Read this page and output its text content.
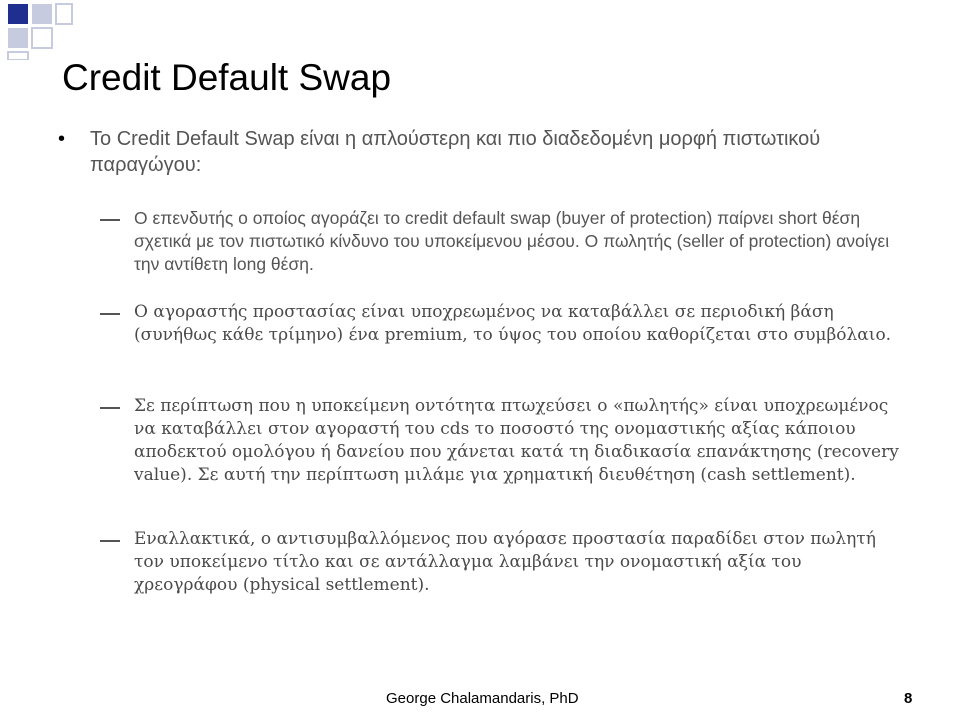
Credit Default Swap
• Το Credit Default Swap είναι η απλούστερη και πιο διαδεδομένη μορφή πιστωτικού παραγώγου:
Ο επενδυτής ο οποίος αγοράζει το credit default swap (buyer of protection) παίρνει short θέση σχετικά με τον πιστωτικό κίνδυνο του υποκείμενου μέσου. Ο πωλητής (seller of protection) ανοίγει την αντίθετη long θέση.
Ο αγοραστής προστασίας είναι υποχρεωμένος να καταβάλλει σε περιοδική βάση (συνήθως κάθε τρίμηνο) ένα premium, το ύψος του οποίου καθορίζεται στο συμβόλαιο.
Σε περίπτωση που η υποκείμενη οντότητα πτωχεύσει ο «πωλητής» είναι υποχρεωμένος να καταβάλλει στον αγοραστή του cds το ποσοστό της ονομαστικής αξίας κάποιου αποδεκτού ομολόγου ή δανείου που χάνεται κατά τη διαδικασία επανάκτησης (recovery value). Σε αυτή την περίπτωση μιλάμε για χρηματική διευθέτηση (cash settlement).
Εναλλακτικά, ο αντισυμβαλλόμενος που αγόρασε προστασία παραδίδει στον πωλητή τον υποκείμενο τίτλο και σε αντάλλαγμα λαμβάνει την ονομαστική αξία του χρεογράφου (physical settlement).
George Chalamandaris, PhD	8
